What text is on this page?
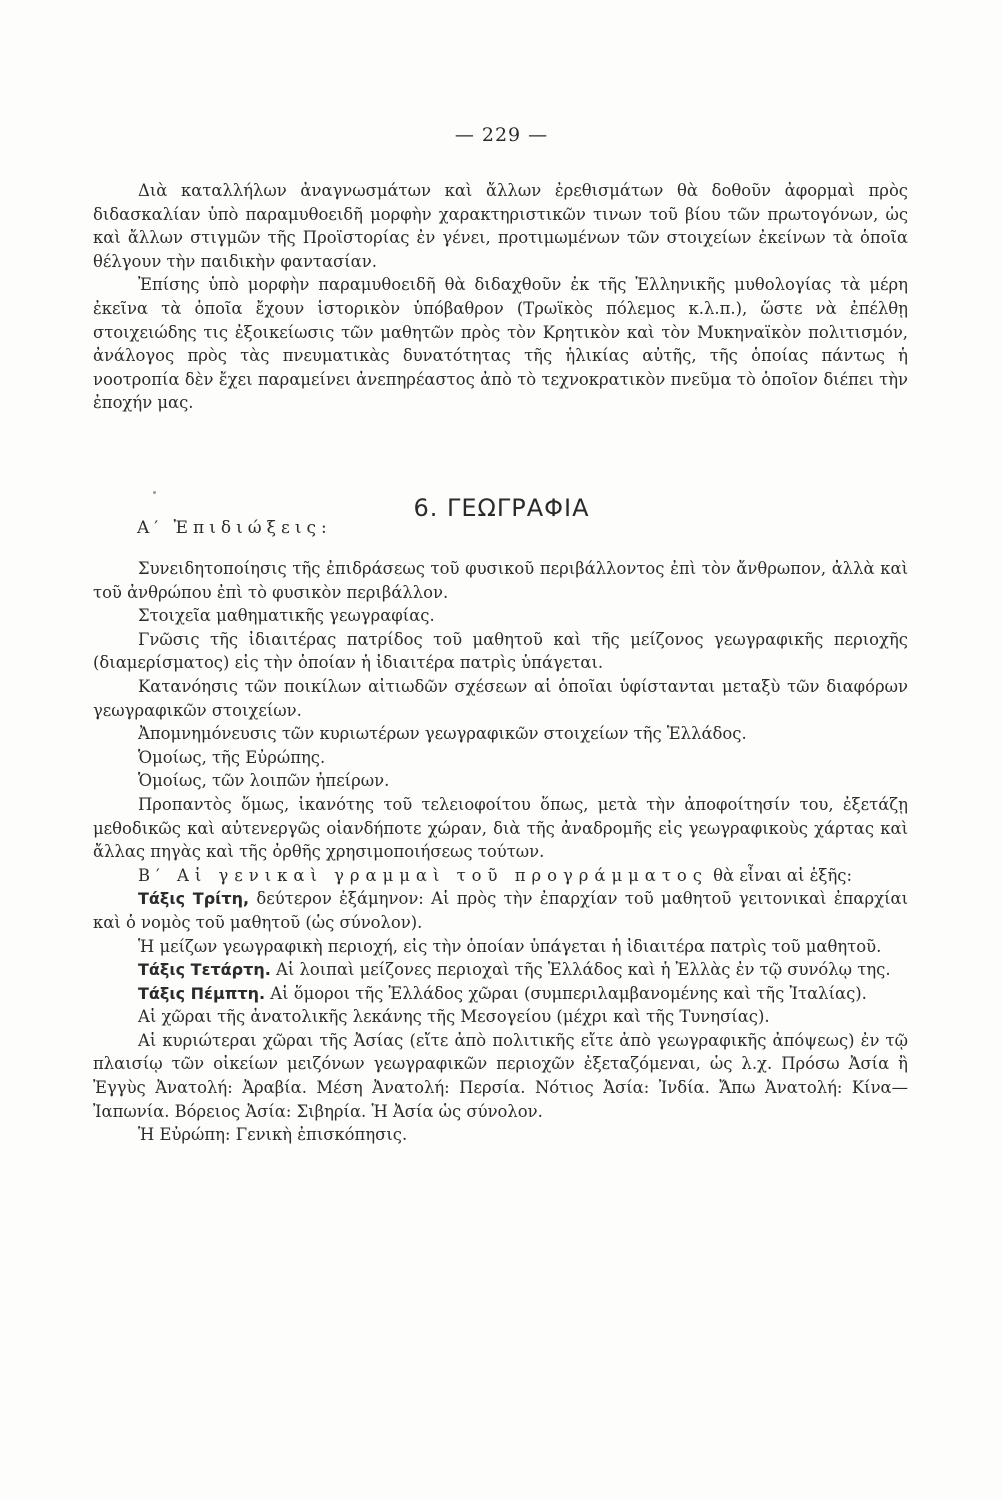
— 229 —

Διὰ καταλλήλων ἀναγνωσμάτων καὶ ἄλλων ἐρεθισμάτων θὰ δοθοῦν ἀφορμαὶ πρὸς διδασκαλίαν ὑπὸ παραμυθοειδῆ μορφὴν χαρακτηριστικῶν τινων τοῦ βίου τῶν πρωτογόνων, ὡς καὶ ἄλλων στιγμῶν τῆς Προϊστορίας ἐν γένει, προτιμωμένων τῶν στοιχείων ἐκείνων τὰ ὁποῖα θέλγουν τὴν παιδικὴν φαντασίαν.

Ἐπίσης ὑπὸ μορφὴν παραμυθοειδῆ θὰ διδαχθοῦν ἐκ τῆς Ἑλληνικῆς μυθολογίας τὰ μέρη ἐκεῖνα τὰ ὁποῖα ἔχουν ἱστορικὸν ὑπόβαθρον (Τρωϊκὸς πόλεμος κ.λ.π.), ὥστε νὰ ἐπέλθῃ στοιχειώδης τις ἐξοικείωσις τῶν μαθητῶν πρὸς τὸν Κρητικὸν καὶ τὸν Μυκηναϊκὸν πολιτισμόν, ἀνάλογος πρὸς τὰς πνευματικὰς δυνατότητας τῆς ἡλικίας αὐτῆς, τῆς ὁποίας πάντως ἡ νοοτροπία δὲν ἔχει παραμείνει ἀνεπηρέαστος ἀπὸ τὸ τεχνοκρατικὸν πνεῦμα τὸ ὁποῖον διέπει τὴν ἐποχήν μας.

6. ΓΕΩΓΡΑΦΙΑ
Α′ Ἐπιδιώξεις:

Συνειδητοποίησις τῆς ἐπιδράσεως τοῦ φυσικοῦ περιβάλλοντος ἐπὶ τὸν ἄνθρωπον, ἀλλὰ καὶ τοῦ ἀνθρώπου ἐπὶ τὸ φυσικὸν περιβάλλον.

Στοιχεῖα μαθηματικῆς γεωγραφίας.

Γνῶσις τῆς ἰδιαιτέρας πατρίδος τοῦ μαθητοῦ καὶ τῆς μείζονος γεωγραφικῆς περιοχῆς (διαμερίσματος) εἰς τὴν ὁποίαν ἡ ἰδιαιτέρα πατρὶς ὑπάγεται.

Κατανόησις τῶν ποικίλων αἰτιωδῶν σχέσεων αἱ ὁποῖαι ὑφίστανται μεταξὺ τῶν διαφόρων γεωγραφικῶν στοιχείων.

Ἀπομνημόνευσις τῶν κυριωτέρων γεωγραφικῶν στοιχείων τῆς Ἑλλάδος.

Ὁμοίως, τῆς Εὐρώπης.

Ὁμοίως, τῶν λοιπῶν ἠπείρων.

Προπαντὸς ὅμως, ἱκανότης τοῦ τελειοφοίτου ὅπως, μετὰ τὴν ἀποφοίτησίν του, ἐξετάζῃ μεθοδικῶς καὶ αὐτενεργῶς οἱανδήποτε χώραν, διὰ τῆς ἀναδρομῆς εἰς γεωγραφικοὺς χάρτας καὶ ἄλλας πηγὰς καὶ τῆς ὀρθῆς χρησιμοποιήσεως τούτων.

Β′ Αἱ γενικαὶ γραμμαὶ τοῦ προγράμματος θὰ εἶναι αἱ ἑξῆς:

Τάξις Τρίτη, δεύτερον ἑξάμηνον: Αἱ πρὸς τὴν ἐπαρχίαν τοῦ μαθητοῦ γειτονικαὶ ἐπαρχίαι καὶ ὁ νομὸς τοῦ μαθητοῦ (ὡς σύνολον).

Ἡ μείζων γεωγραφικὴ περιοχή, εἰς τὴν ὁποίαν ὑπάγεται ἡ ἰδιαιτέρα πατρὶς τοῦ μαθητοῦ.

Τάξις Τετάρτη. Αἱ λοιπαὶ μείζονες περιοχαὶ τῆς Ἑλλάδος καὶ ἡ Ἑλλὰς ἐν τῷ συνόλῳ της.

Τάξις Πέμπτη. Αἱ ὅμοροι τῆς Ἑλλάδος χῶραι (συμπεριλαμβανομένης καὶ τῆς Ἰταλίας).

Αἱ χῶραι τῆς ἀνατολικῆς λεκάνης τῆς Μεσογείου (μέχρι καὶ τῆς Τυνησίας).

Αἱ κυριώτεραι χῶραι τῆς Ἀσίας (εἴτε ἀπὸ πολιτικῆς εἴτε ἀπὸ γεωγραφικῆς ἀπόψεως) ἐν τῷ πλαισίῳ τῶν οἰκείων μειζόνων γεωγραφικῶν περιοχῶν ἐξεταζόμεναι, ὡς λ.χ. Πρόσω Ἀσία ἢ Ἐγγὺς Ἀνατολή: Ἀραβία. Μέση Ἀνατολή: Περσία. Νότιος Ἀσία: Ἰνδία. Ἄπω Ἀνατολή: Κίνα—Ἰαπωνία. Βόρειος Ἀσία: Σιβηρία. Ἡ Ἀσία ὡς σύνολον.

Ἡ Εὐρώπη: Γενικὴ ἐπισκόπησις.
